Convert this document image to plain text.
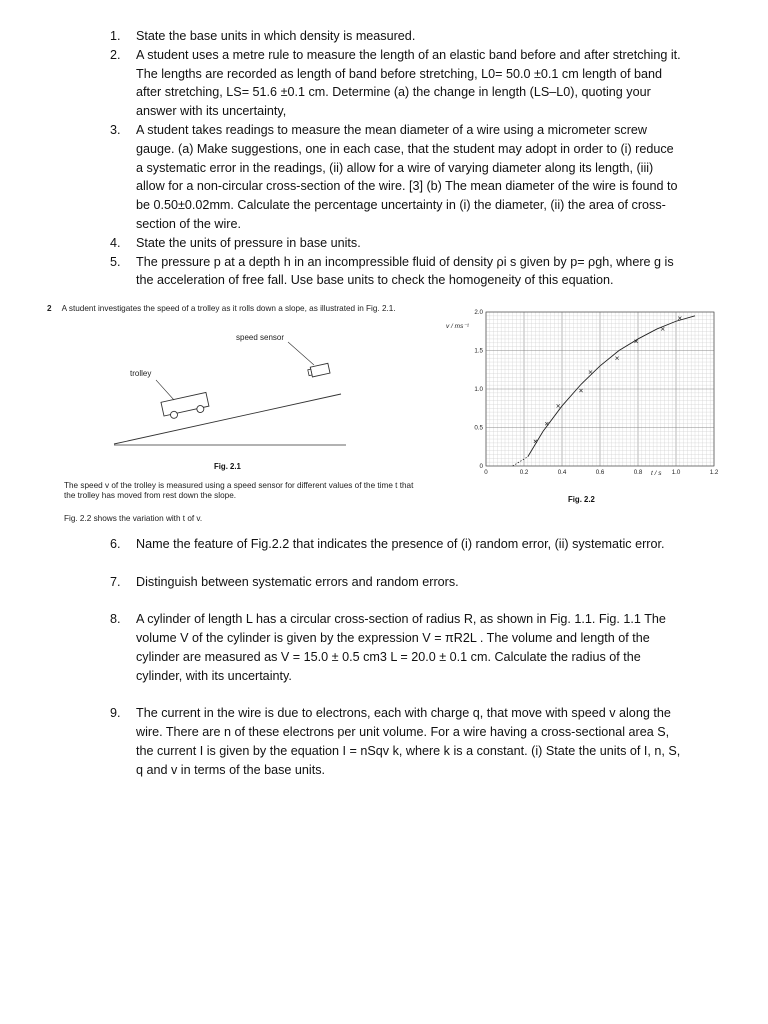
1.	State the base units in which density is measured.
2.	A student uses a metre rule to measure the length of an elastic band before and after stretching it. The lengths are recorded as length of band before stretching, L0= 50.0 ±0.1 cm length of band after stretching, LS= 51.6 ±0.1 cm. Determine (a) the change in length (LS–L0), quoting your answer with its uncertainty,
3.	A student takes readings to measure the mean diameter of a wire using a micrometer screw gauge. (a) Make suggestions, one in each case, that the student may adopt in order to (i) reduce a systematic error in the readings, (ii) allow for a wire of varying diameter along its length, (iii) allow for a non-circular cross-section of the wire. [3] (b) The mean diameter of the wire is found to be 0.50±0.02mm. Calculate the percentage uncertainty in (i) the diameter, (ii) the area of cross-section of the wire.
4.	State the units of pressure in base units.
5.	The pressure p at a depth h in an incompressible fluid of density ρi s given by p= ρgh, where g is the acceleration of free fall. Use base units to check the homogeneity of this equation.
2 A student investigates the speed of a trolley as it rolls down a slope, as illustrated in Fig. 2.1.
speed sensor
trolley
Fig. 2.1
The speed v of the trolley is measured using a speed sensor for different values of the time t that the trolley has moved from rest down the slope.
Fig. 2.2 shows the variation with t of v.
0	0.2	0.4	0.6	0.8	1.0	1.2
0
0.5
1.0
1.5
2.0
v / ms⁻¹
t / s
Fig. 2.2
6.	Name the feature of Fig.2.2 that indicates the presence of (i) random error, (ii) systematic error.
7.	Distinguish between systematic errors and random errors.
8.	A cylinder of length L has a circular cross-section of radius R, as shown in Fig. 1.1. Fig. 1.1 The volume V of the cylinder is given by the expression V = πR2L . The volume and length of the cylinder are measured as V = 15.0 ± 0.5 cm3 L = 20.0 ± 0.1 cm. Calculate the radius of the cylinder, with its uncertainty.
9.	The current in the wire is due to electrons, each with charge q, that move with speed v along the wire. There are n of these electrons per unit volume. For a wire having a cross-sectional area S, the current I is given by the equation I = nSqv k, where k is a constant. (i) State the units of I, n, S, q and v in terms of the base units.
